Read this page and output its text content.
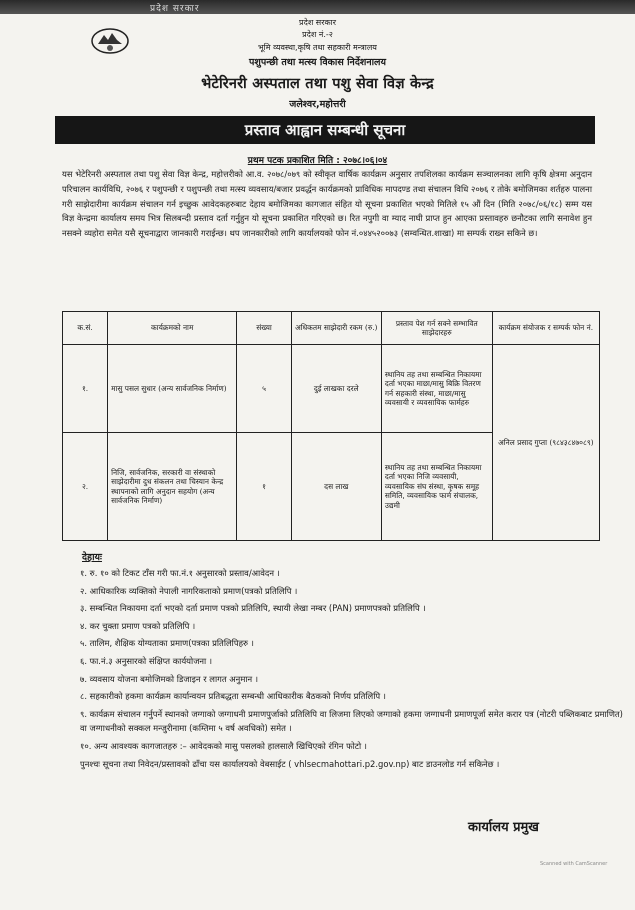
प्रदेश सरकार
प्रदेश सरकार
प्रदेश नं.-२
भूमि व्यवस्था,कृषि तथा सहकारी मन्त्रालय
पशुपन्छी तथा मत्स्य विकास निर्देशनालय
भेटेरिनरी अस्पताल तथा पशु सेवा विज्ञ केन्द्र
जलेश्वर,महोत्तरी
प्रस्ताव आह्वान सम्बन्धी सूचना
प्रथम पटक प्रकाशित मिति : २०७८।०६।०४
यस भेटेरिनरी अस्पताल तथा पशु सेवा विज्ञ केन्द्र, महोत्तरीको आ.व. २०७८/०७९ को स्वीकृत वार्षिक कार्यक्रम अनुसार तपशिलका कार्यक्रम सञ्चालनका लागि कृषि क्षेत्रमा अनुदान परिचालन कार्यविधि, २०७६ र पशुपन्छी र पशुपन्छी तथा मत्स्य व्यवसाय/बजार प्रवर्द्धन कार्यक्रमको प्राविधिक मापदण्ड तथा संचालन विधि २०७६ र तोके बमोजिमका शर्तहरु पालना गरी साझेदारीमा कार्यक्रम संचालन गर्न इच्छुक आवेदकहरुबाट देहाय बमोजिमका कागजात संहित यो सूचना प्रकाशित भएको मितिले १५ औं दिन (मिति २०७८/०६/१८) सम्म यस विज्ञ केन्द्रमा कार्यालय समय भित्र सिलबन्दी प्रस्ताव दर्ता गर्नुहुन यो सूचना प्रकाशित गरिएको छ। रित नपुगी वा म्याद नाघी प्राप्त हुन आएका प्रस्तावहरु छनौटका लागि सनावेश हुन नसक्ने व्यहोरा समेत यसै सूचनाद्वारा जानकारी गराईन्छ। थप जानकारीको लागि कार्यालयको फोन नं.०४४५२००७३ (सम्वन्धित.शाखा) मा सम्पर्क राख्न सकिने छ।
क.सं.	कार्यक्रमको नाम	संख्या	अधिकतम साझेदारी रकम (रु.)	प्रस्ताव पेश गर्न सक्ने सम्भावित साझेदारहरु	कार्यक्रम संयोजक र सम्पर्क फोन नं.
१.	मासु पसल सुधार (अन्य सार्वजनिक निर्माण)	५	दुई लाखका दरले	स्थानिय तह तथा सम्बन्धित निकायमा दर्ता भएका माछा/मासु बिक्रि वितरण गर्न सहकारी संस्था, माछा/मासु व्यवसायी र व्यवसायिक फार्महरु	अनिल प्रसाद गुप्ता (९८४३८४७०८९)
२.	निजि, सार्वजनिक, सरकारी वा संस्थाको साझेदारीमा दुध संकलन तथा चिस्यान केन्द्र स्थापनाको लागि अनुदान सहयोग (अन्य सार्वजनिक निर्माण)	१	दस लाख	स्थानिय तह तथा सम्बन्धित निकायमा दर्ता भएका निजि व्यवसायी, व्यवसायिक संघ संस्था, कृषक समूह समिति, व्यवसायिक फार्म संचालक, उद्यमी	
देहायः
१. रु. १० को टिकट टाँस गरी फा.नं.१ अनुसारको प्रस्ताव/आवेदन ।
२. आधिकारिक व्यक्तिको नेपाली नागरिकताको प्रमाण(पत्रको प्रतिलिपि ।
३. सम्बन्धित निकायमा दर्ता भएको दर्ता प्रमाण पत्रको प्रतिलिपि, स्थायी लेखा नम्बर (PAN) प्रमाणपत्रको प्रतिलिपि ।
४. कर चुक्ता प्रमाण पत्रको प्रतिलिपि ।
५. तालिम, शैक्षिक योग्यताका प्रमाण(पत्रका प्रतिलिपिहरु ।
६. फा.नं.३ अनुसारको संक्षिप्त कार्ययोजना ।
७. व्यवसाय योजना बमोजिमको डिजाइन र लागत अनुमान ।
८. सहकारीको हकमा कार्यक्रम कार्यान्वयन प्रतिबद्धता सम्बन्धी आधिकारीक बैठकको निर्णय प्रतिलिपि ।
९. कार्यक्रम संचालन गर्नुपर्ने स्थानको जग्गाको जग्गाधनी प्रमाणपुर्जाको प्रतिलिपि वा लिजमा लिएको जग्गाको हकमा जग्गाधनी प्रमाणपूर्जा समेत करार पत्र (नोटरी पब्लिकबाट प्रमाणित) वा जग्गाधनीको सक्कल मन्जुरीनामा (कम्तिमा ५ वर्ष अवधिको) समेत ।
१०. अन्य आवश्यक कागजातहरु :– आवेदकको मासु पसलको हालसालै खिचिएको रंगिन फोटो ।
पुनश्चः सूचना तथा निवेदन/प्रस्तावको ढाँचा यस कार्यालयको वेबसाईट ( vhlsecmahottari.p2.gov.np) बाट डाउनलोड गर्न सकिनेछ ।
कार्यालय प्रमुख
Scanned with CamScanner
